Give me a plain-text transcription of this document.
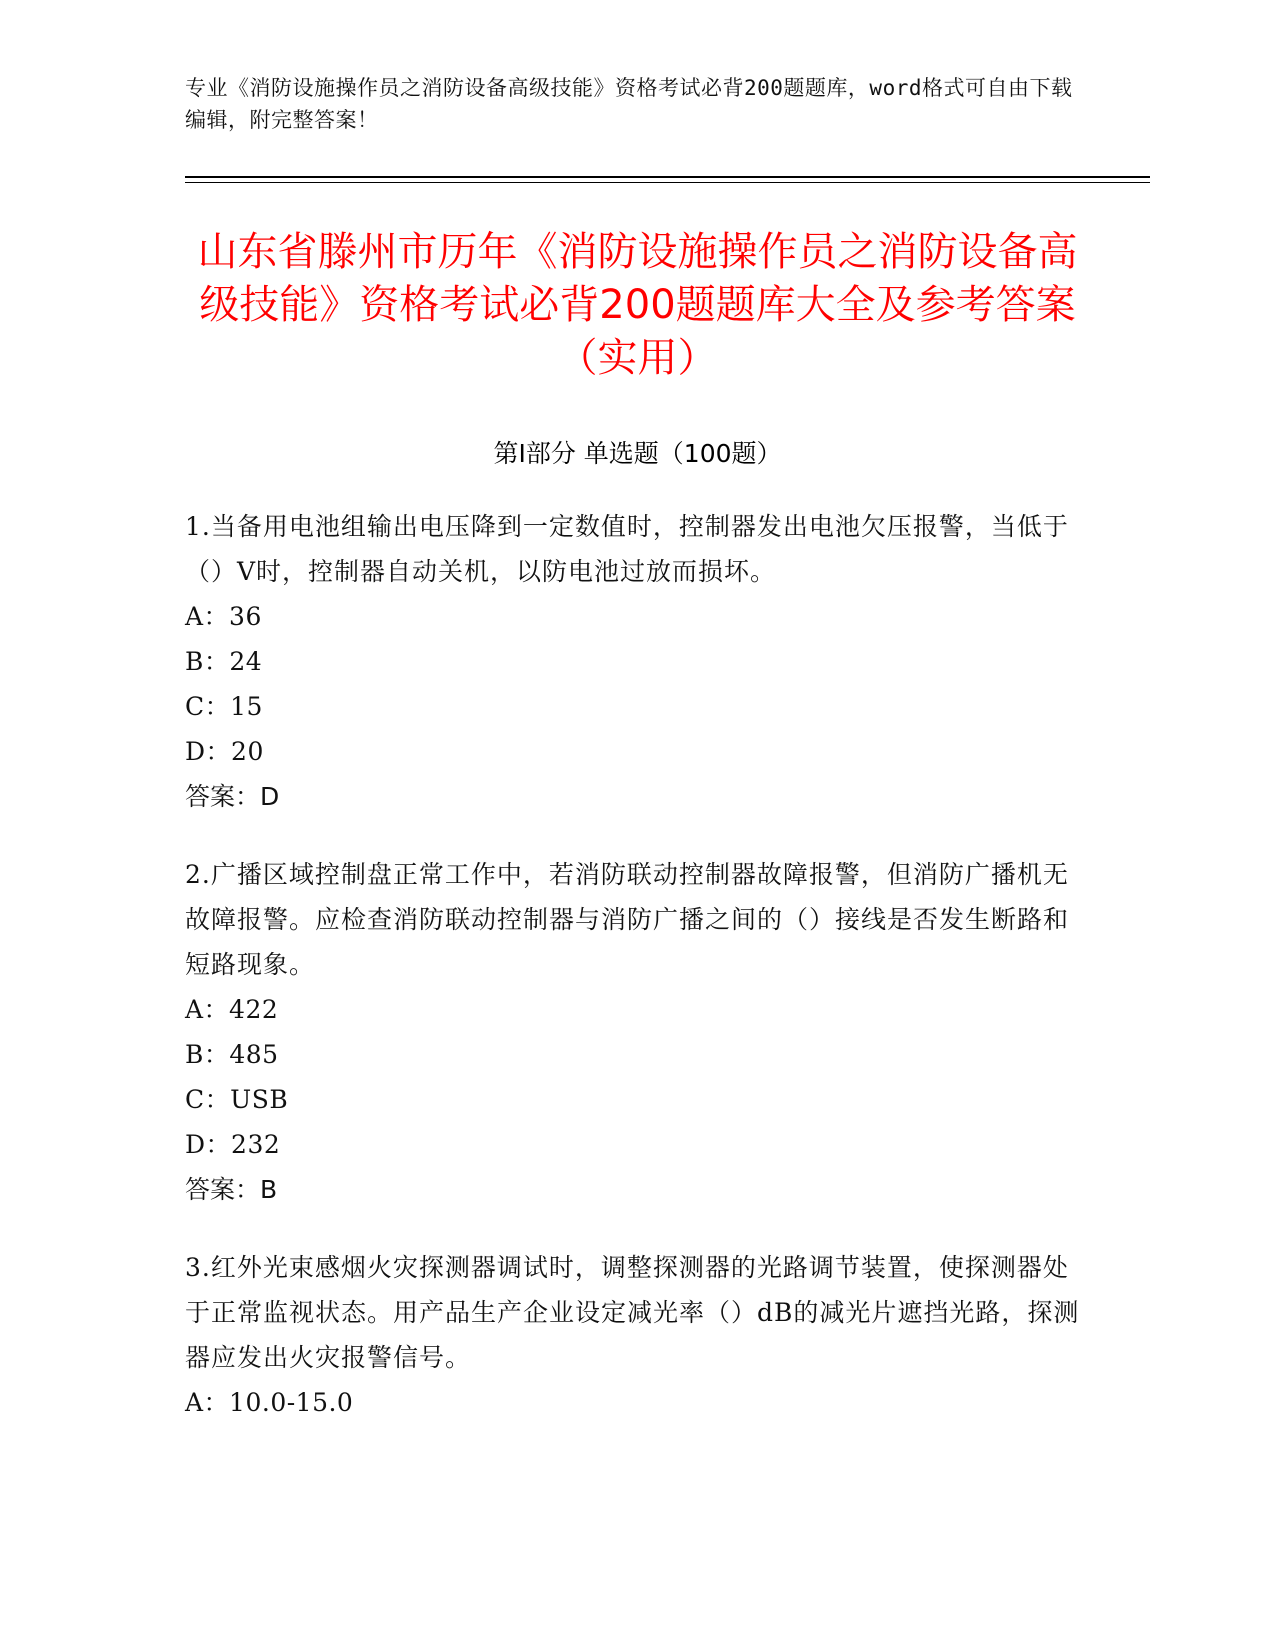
专业《消防设施操作员之消防设备高级技能》资格考试必背200题题库，word格式可自由下载编辑，附完整答案！
山东省滕州市历年《消防设施操作员之消防设备高级技能》资格考试必背200题题库大全及参考答案（实用）
第Ⅰ部分 单选题（100题）
1.当备用电池组输出电压降到一定数值时，控制器发出电池欠压报警，当低于（）V时，控制器自动关机，以防电池过放而损坏。
A：36
B：24
C：15
D：20
答案：D
2.广播区域控制盘正常工作中，若消防联动控制器故障报警，但消防广播机无故障报警。应检查消防联动控制器与消防广播之间的（）接线是否发生断路和短路现象。
A：422
B：485
C：USB
D：232
答案：B
3.红外光束感烟火灾探测器调试时，调整探测器的光路调节装置，使探测器处于正常监视状态。用产品生产企业设定减光率（）dB的减光片遮挡光路，探测器应发出火灾报警信号。
A：10.0-15.0
